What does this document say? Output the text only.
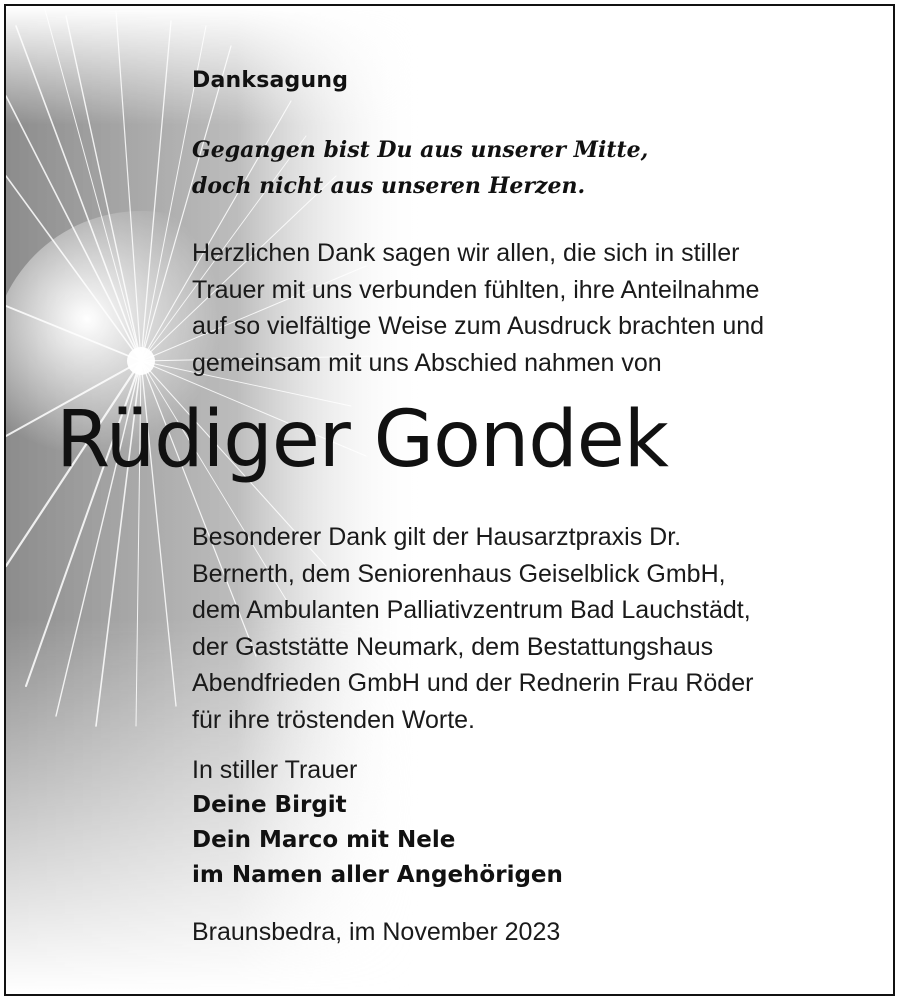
Danksagung
Gegangen bist Du aus unserer Mitte,
doch nicht aus unseren Herzen.
Herzlichen Dank sagen wir allen, die sich in stiller
Trauer mit uns verbunden fühlten, ihre Anteilnahme
auf so vielfältige Weise zum Ausdruck brachten und
gemeinsam mit uns Abschied nahmen von
Rüdiger Gondek
Besonderer Dank gilt der Hausarztpraxis Dr.
Bernerth, dem Seniorenhaus Geiselblick GmbH,
dem Ambulanten Palliativzentrum Bad Lauchstädt,
der Gaststätte Neumark, dem Bestattungshaus
Abendfrieden GmbH und der Rednerin Frau Röder
für ihre tröstenden Worte.
In stiller Trauer
Deine Birgit
Dein Marco mit Nele
im Namen aller Angehörigen
Braunsbedra, im November 2023
